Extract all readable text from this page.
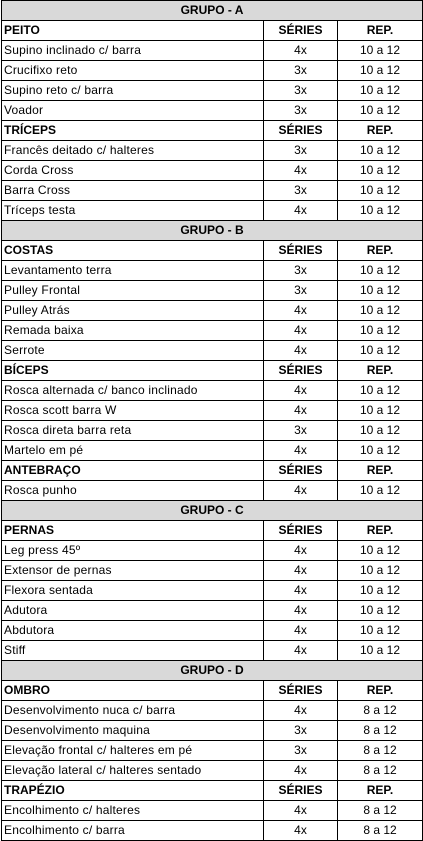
GRUPO - A		
PEITO	SÉRIES	REP.
Supino inclinado c/ barra	4x	10 a 12
Crucifixo reto	3x	10 a 12
Supino reto c/ barra	3x	10 a 12
Voador	3x	10 a 12
TRÍCEPS	SÉRIES	REP.
Francês deitado c/ halteres	3x	10 a 12
Corda Cross	4x	10 a 12
Barra Cross	3x	10 a 12
Tríceps testa	4x	10 a 12
GRUPO - B		
COSTAS	SÉRIES	REP.
Levantamento terra	3x	10 a 12
Pulley Frontal	3x	10 a 12
Pulley Atrás	4x	10 a 12
Remada baixa	4x	10 a 12
Serrote	4x	10 a 12
BÍCEPS	SÉRIES	REP.
Rosca alternada c/ banco inclinado	4x	10 a 12
Rosca scott barra W	4x	10 a 12
Rosca direta barra reta	3x	10 a 12
Martelo em pé	4x	10 a 12
ANTEBRAÇO	SÉRIES	REP.
Rosca punho	4x	10 a 12
GRUPO - C		
PERNAS	SÉRIES	REP.
Leg press 45º	4x	10 a 12
Extensor de pernas	4x	10 a 12
Flexora sentada	4x	10 a 12
Adutora	4x	10 a 12
Abdutora	4x	10 a 12
Stiff	4x	10 a 12
GRUPO - D		
OMBRO	SÉRIES	REP.
Desenvolvimento nuca c/ barra	4x	8 a 12
Desenvolvimento maquina	3x	8 a 12
Elevação frontal c/ halteres em pé	3x	8 a 12
Elevação lateral c/ halteres sentado	4x	8 a 12
TRAPÉZIO	SÉRIES	REP.
Encolhimento c/ halteres	4x	8 a 12
Encolhimento c/ barra	4x	8 a 12
